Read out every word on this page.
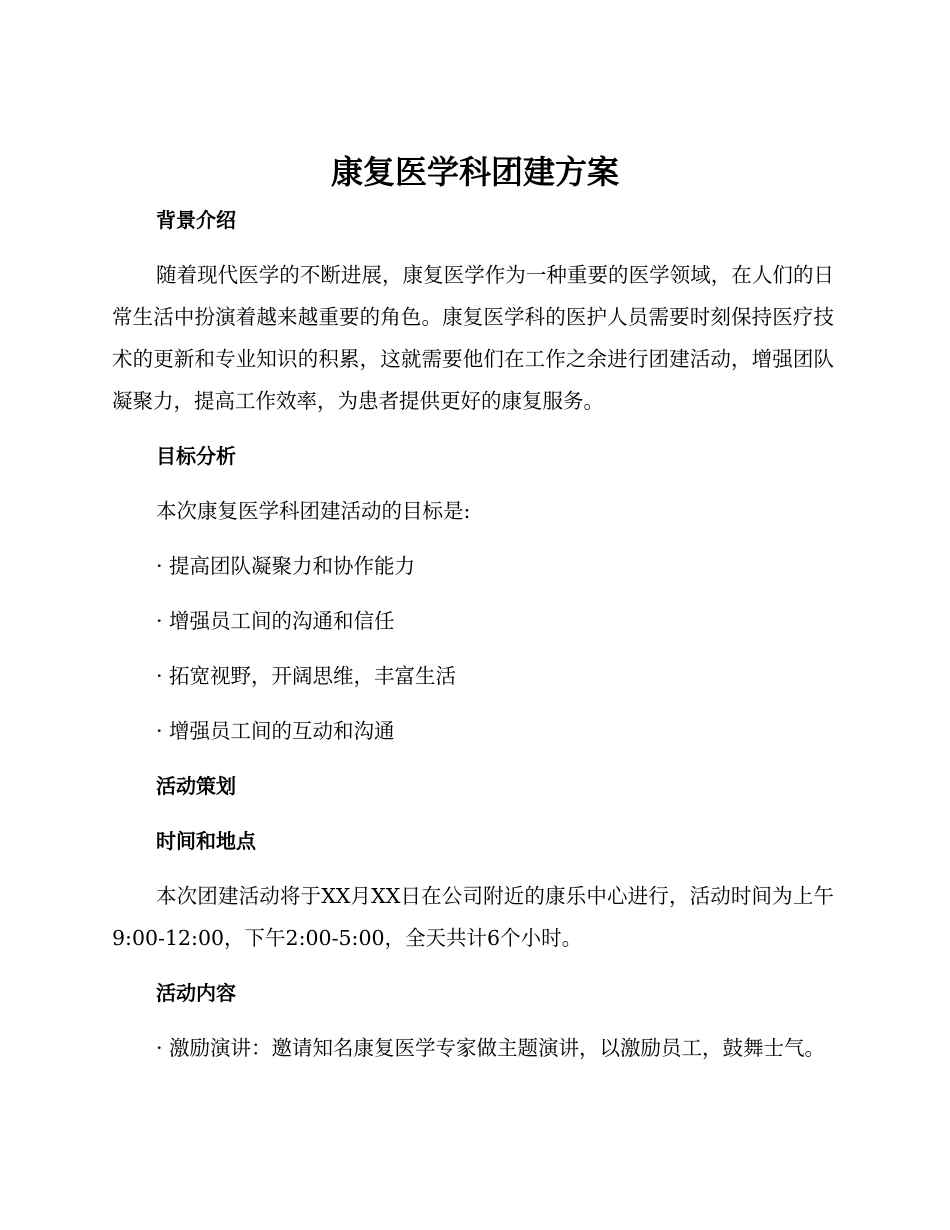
康复医学科团建方案
背景介绍
随着现代医学的不断进展，康复医学作为一种重要的医学领域，在人们的日常生活中扮演着越来越重要的角色。康复医学科的医护人员需要时刻保持医疗技术的更新和专业知识的积累，这就需要他们在工作之余进行团建活动，增强团队凝聚力，提高工作效率，为患者提供更好的康复服务。
目标分析
本次康复医学科团建活动的目标是:
· 提高团队凝聚力和协作能力
· 增强员工间的沟通和信任
· 拓宽视野，开阔思维，丰富生活
· 增强员工间的互动和沟通
活动策划
时间和地点
本次团建活动将于XX月XX日在公司附近的康乐中心进行，活动时间为上午9:00-12:00，下午2:00-5:00，全天共计6个小时。
活动内容
· 激励演讲：邀请知名康复医学专家做主题演讲，以激励员工，鼓舞士气。
